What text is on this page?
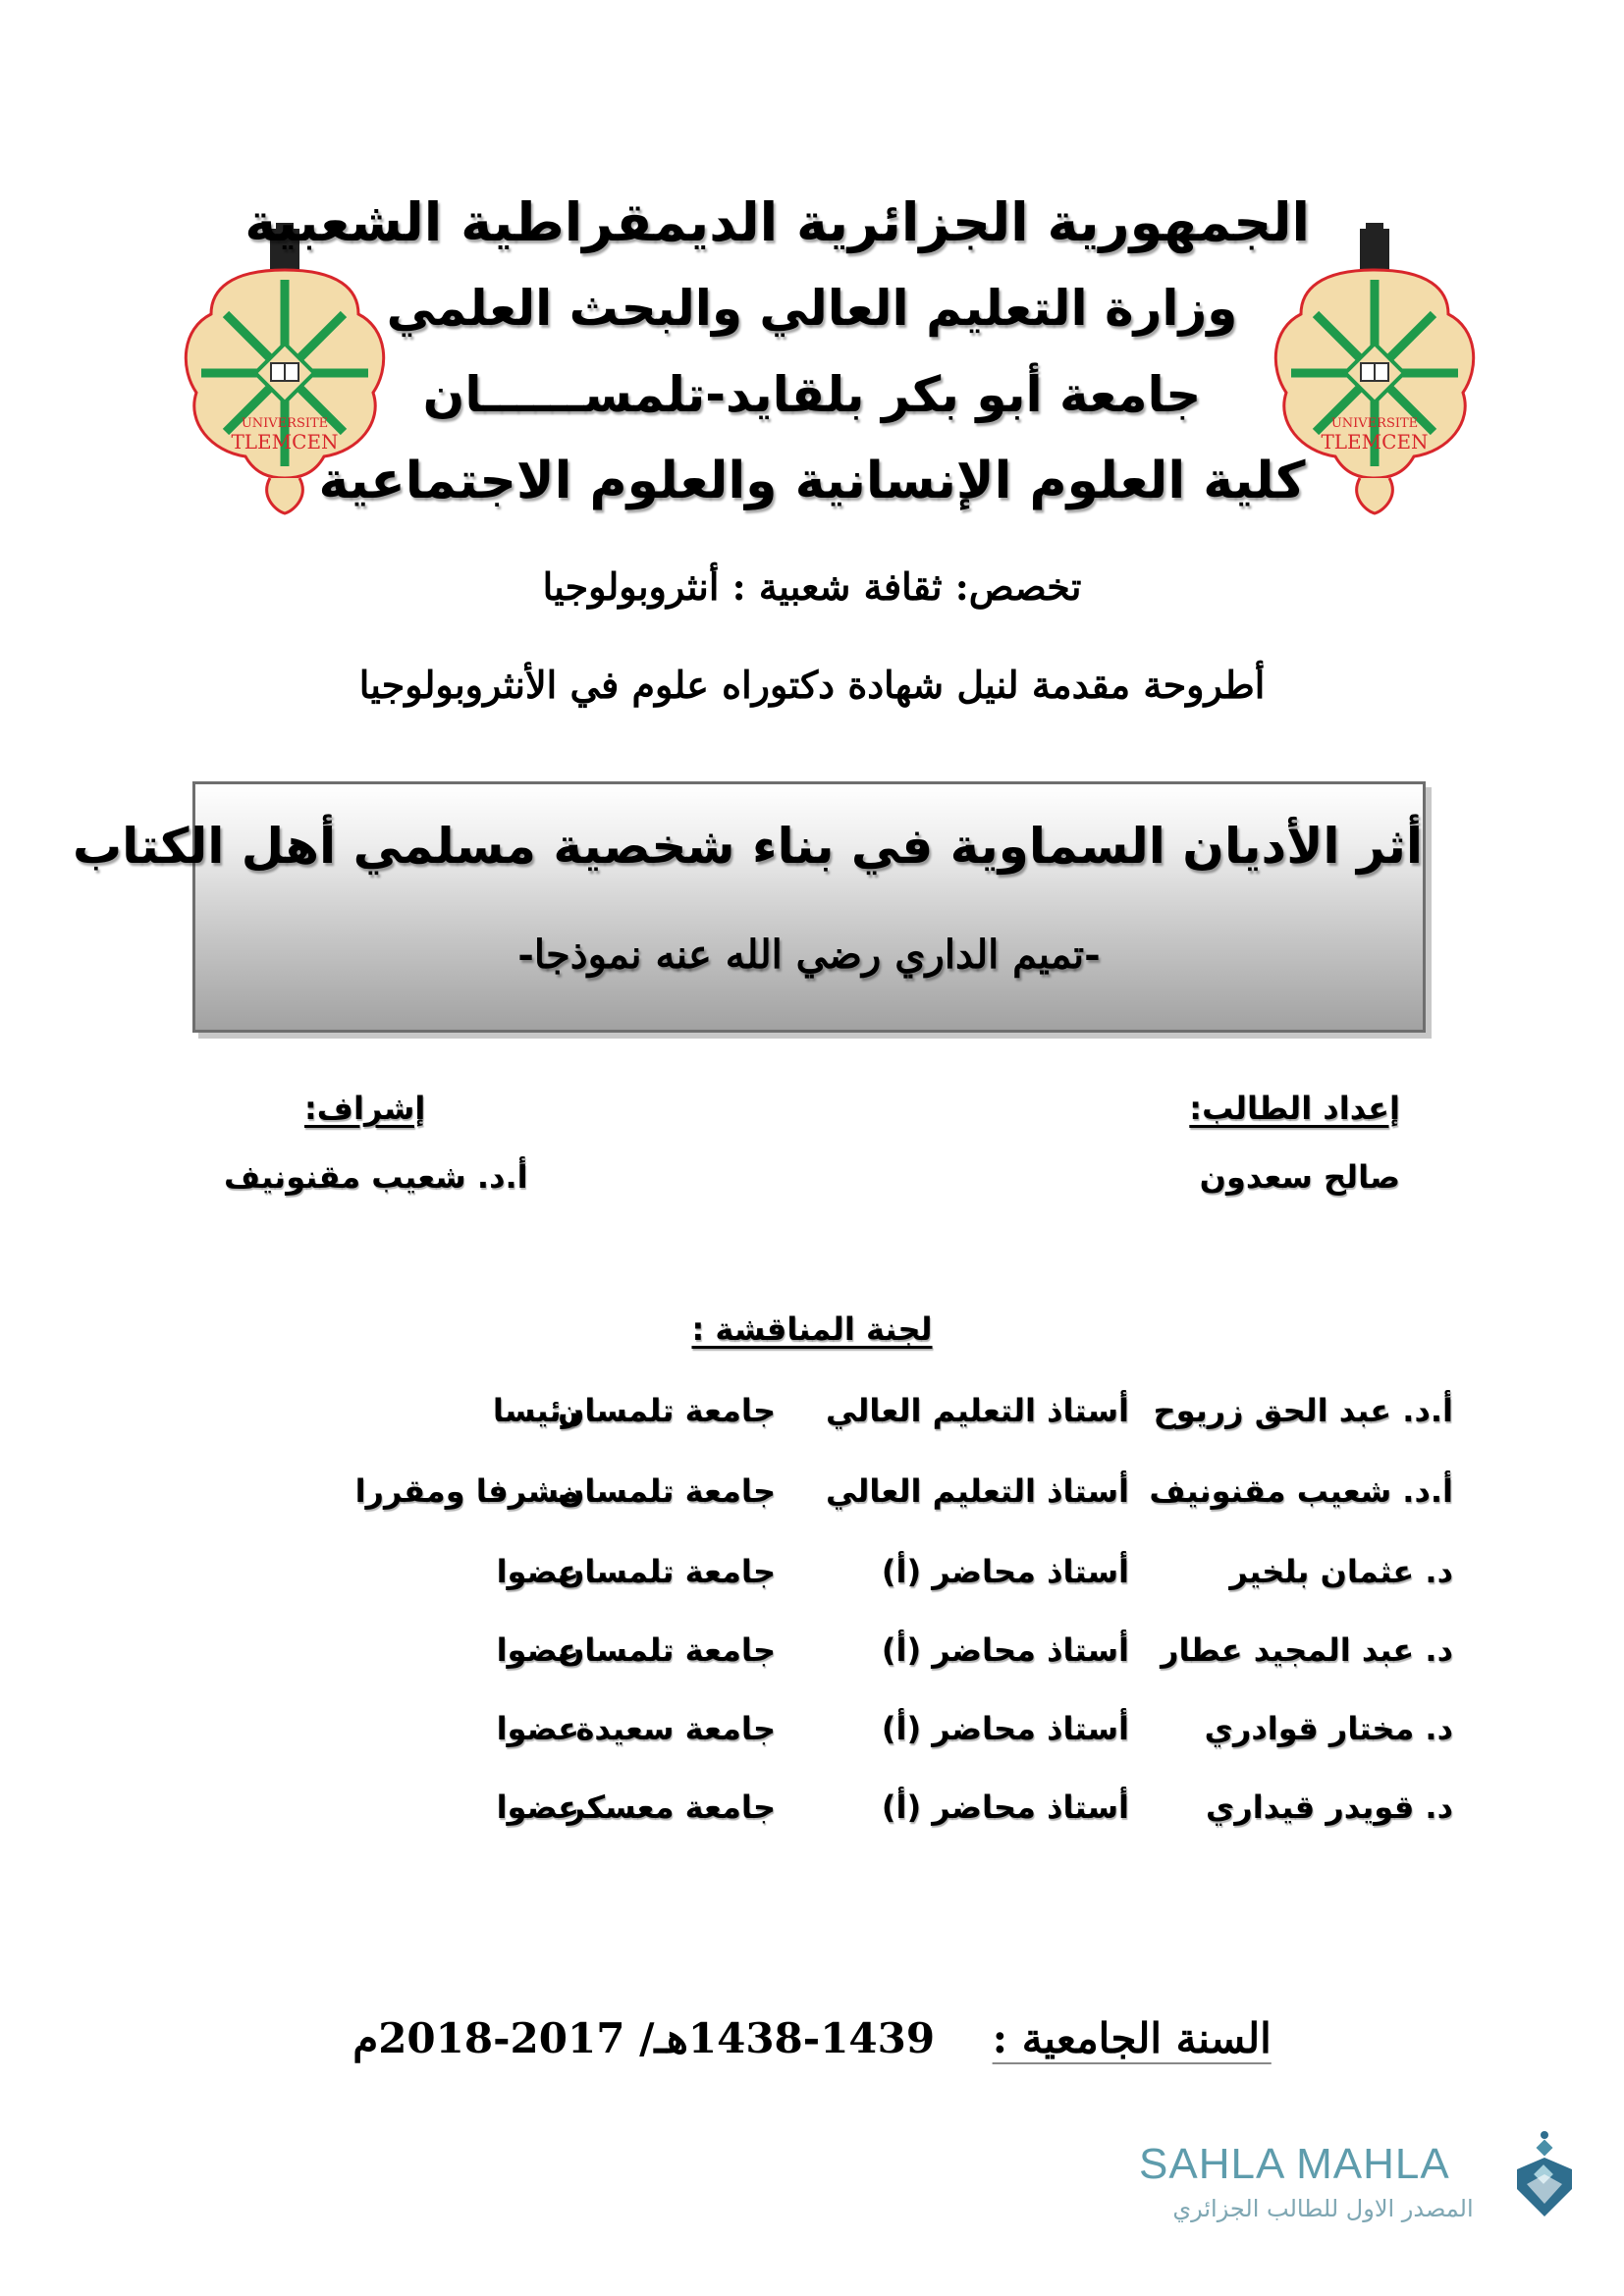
UNIVERSITE
TLEMCEN
UNIVERSITE
TLEMCEN
الجمهورية الجزائرية الديمقراطية الشعبية
وزارة التعليم العالي والبحث العلمي
جامعة أبو بكر بلقايد-تلمســــــان
كلية العلوم الإنسانية والعلوم الاجتماعية
تخصص: ثقافة شعبية : أنثروبولوجيا
أطروحة مقدمة لنيل شهادة دكتوراه علوم في الأنثروبولوجيا
أثر الأديان السماوية في بناء شخصية مسلمي أهل الكتاب
-تميم الداري رضي الله عنه نموذجا-
إعداد الطالب:
صالح سعدون
إشراف:
أ.د. شعيب مقنونيف
لجنة المناقشة :
أ.د. عبد الحق زريوح
أستاذ التعليم العالي
جامعة تلمسان
رئيسا
أ.د. شعيب مقنونيف
أستاذ التعليم العالي
جامعة تلمسان
مشرفا ومقررا
د. عثمان بلخير
أستاذ محاضر (أ)
جامعة تلمسان
عضوا
د. عبد المجيد عطار
أستاذ محاضر (أ)
جامعة تلمسان
عضوا
د. مختار قوادري
أستاذ محاضر (أ)
جامعة سعيدة
عضوا
د. قويدر قيداري
أستاذ محاضر (أ)
جامعة معسكر
عضوا
السنة الجامعية :    1438-1439هـ/ 2017-2018م
SAHLA MAHLA
المصدر الاول للطالب الجزائري
